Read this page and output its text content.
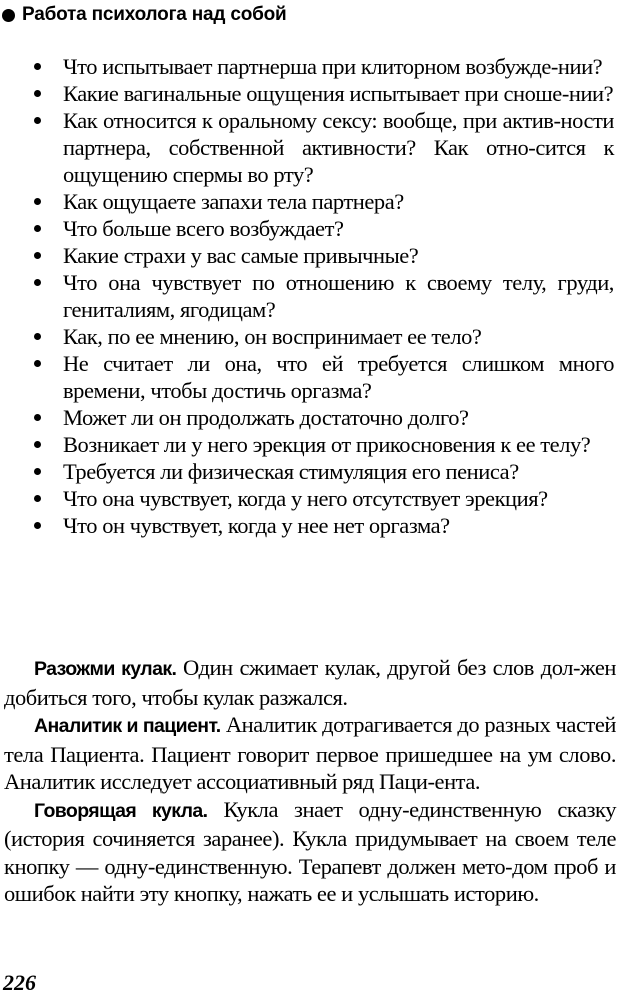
Работа психолога над собой
Что испытывает партнерша при клиторном возбужде-нии?
Какие вагинальные ощущения испытывает при сноше-нии?
Как относится к оральному сексу: вообще, при актив-ности партнера, собственной активности? Как отно-сится к ощущению спермы во рту?
Как ощущаете запахи тела партнера?
Что больше всего возбуждает?
Какие страхи у вас самые привычные?
Что она чувствует по отношению к своему телу, груди, гениталиям, ягодицам?
Как, по ее мнению, он воспринимает ее тело?
Не считает ли она, что ей требуется слишком много времени, чтобы достичь оргазма?
Может ли он продолжать достаточно долго?
Возникает ли у него эрекция от прикосновения к ее телу?
Требуется ли физическая стимуляция его пениса?
Что она чувствует, когда у него отсутствует эрекция?
Что он чувствует, когда у нее нет оргазма?

Разожми кулак. Один сжимает кулак, другой без слов дол-жен добиться того, чтобы кулак разжался.

Аналитик и пациент. Аналитик дотрагивается до разных частей тела Пациента. Пациент говорит первое пришедшее на ум слово. Аналитик исследует ассоциативный ряд Паци-ента.

Говорящая кукла. Кукла знает одну-единственную сказку (история сочиняется заранее). Кукла придумывает на своем теле кнопку — одну-единственную. Терапевт должен мето-дом проб и ошибок найти эту кнопку, нажать ее и услышать историю.

226
